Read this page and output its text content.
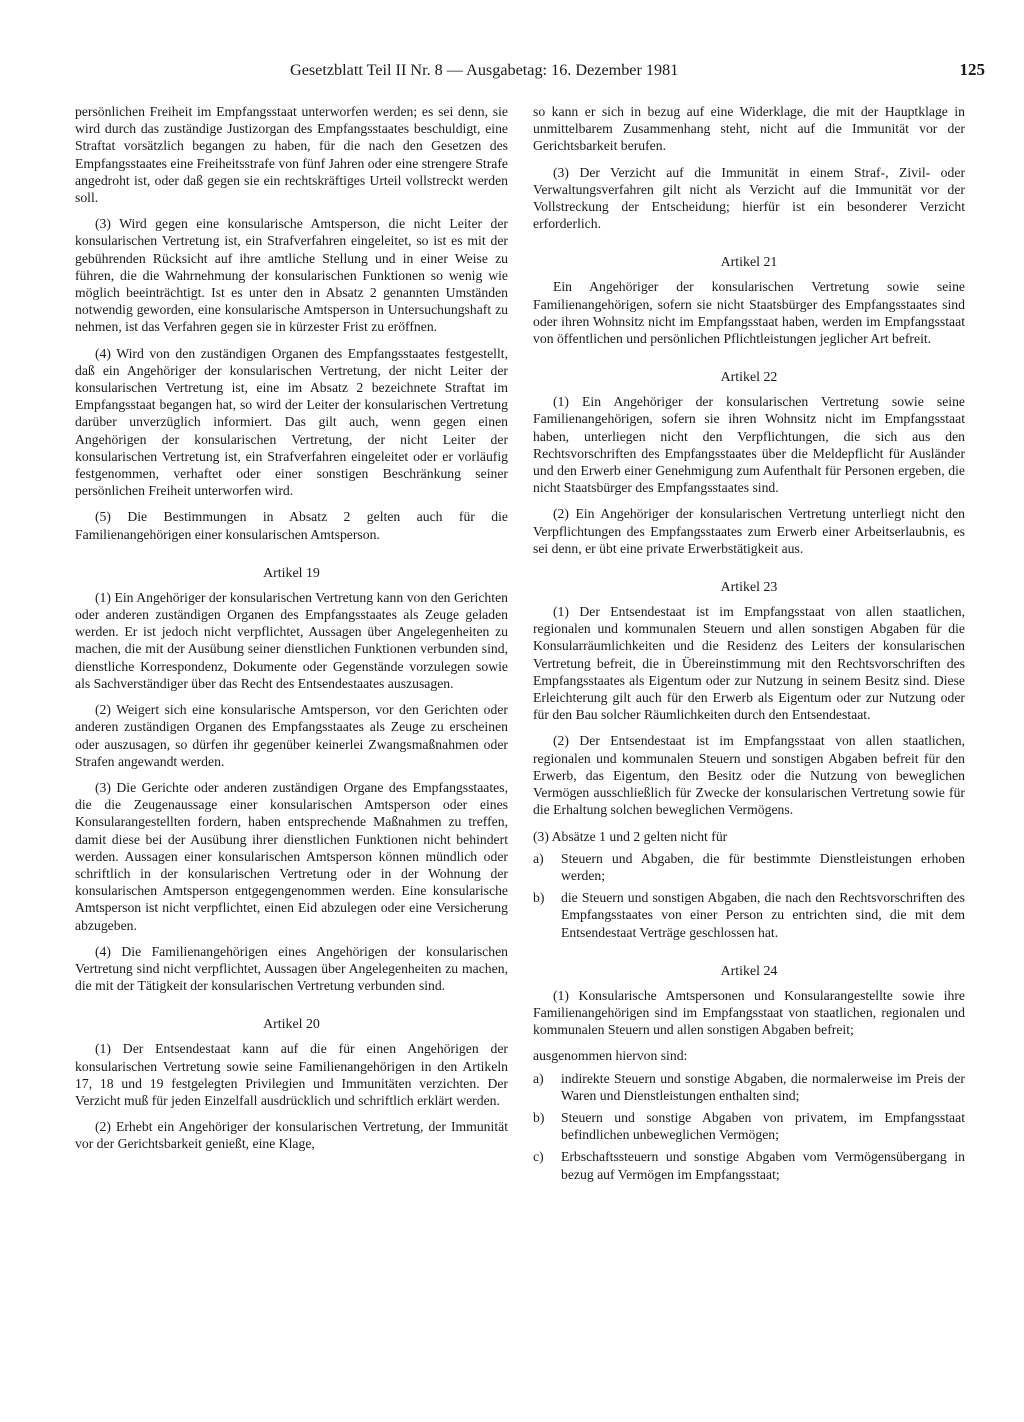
Gesetzblatt Teil II Nr. 8 — Ausgabetag: 16. Dezember 1981	125

persönlichen Freiheit im Empfangsstaat unterworfen werden; es sei denn, sie wird durch das zuständige Justizorgan des Empfangsstaates beschuldigt, eine Straftat vorsätzlich begangen zu haben, für die nach den Gesetzen des Empfangsstaates eine Freiheitsstrafe von fünf Jahren oder eine strengere Strafe angedroht ist, oder daß gegen sie ein rechtskräftiges Urteil vollstreckt werden soll.

(3) Wird gegen eine konsularische Amtsperson, die nicht Leiter der konsularischen Vertretung ist, ein Strafverfahren eingeleitet, so ist es mit der gebührenden Rücksicht auf ihre amtliche Stellung und in einer Weise zu führen, die die Wahrnehmung der konsularischen Funktionen so wenig wie möglich beeinträchtigt. Ist es unter den in Absatz 2 genannten Umständen notwendig geworden, eine konsularische Amtsperson in Untersuchungshaft zu nehmen, ist das Verfahren gegen sie in kürzester Frist zu eröffnen.

(4) Wird von den zuständigen Organen des Empfangsstaates festgestellt, daß ein Angehöriger der konsularischen Vertretung, der nicht Leiter der konsularischen Vertretung ist, eine im Absatz 2 bezeichnete Straftat im Empfangsstaat begangen hat, so wird der Leiter der konsularischen Vertretung darüber unverzüglich informiert. Das gilt auch, wenn gegen einen Angehörigen der konsularischen Vertretung, der nicht Leiter der konsularischen Vertretung ist, ein Strafverfahren eingeleitet oder er vorläufig festgenommen, verhaftet oder einer sonstigen Beschränkung seiner persönlichen Freiheit unterworfen wird.

(5) Die Bestimmungen in Absatz 2 gelten auch für die Familienangehörigen einer konsularischen Amtsperson.

Artikel 19

(1) Ein Angehöriger der konsularischen Vertretung kann von den Gerichten oder anderen zuständigen Organen des Empfangsstaates als Zeuge geladen werden. Er ist jedoch nicht verpflichtet, Aussagen über Angelegenheiten zu machen, die mit der Ausübung seiner dienstlichen Funktionen verbunden sind, dienstliche Korrespondenz, Dokumente oder Gegenstände vorzulegen sowie als Sachverständiger über das Recht des Entsendestaates auszusagen.

(2) Weigert sich eine konsularische Amtsperson, vor den Gerichten oder anderen zuständigen Organen des Empfangsstaates als Zeuge zu erscheinen oder auszusagen, so dürfen ihr gegenüber keinerlei Zwangsmaßnahmen oder Strafen angewandt werden.

(3) Die Gerichte oder anderen zuständigen Organe des Empfangsstaates, die die Zeugenaussage einer konsularischen Amtsperson oder eines Konsularangestellten fordern, haben entsprechende Maßnahmen zu treffen, damit diese bei der Ausübung ihrer dienstlichen Funktionen nicht behindert werden. Aussagen einer konsularischen Amtsperson können mündlich oder schriftlich in der konsularischen Vertretung oder in der Wohnung der konsularischen Amtsperson entgegengenommen werden. Eine konsularische Amtsperson ist nicht verpflichtet, einen Eid abzulegen oder eine Versicherung abzugeben.

(4) Die Familienangehörigen eines Angehörigen der konsularischen Vertretung sind nicht verpflichtet, Aussagen über Angelegenheiten zu machen, die mit der Tätigkeit der konsularischen Vertretung verbunden sind.

Artikel 20

(1) Der Entsendestaat kann auf die für einen Angehörigen der konsularischen Vertretung sowie seine Familienangehörigen in den Artikeln 17, 18 und 19 festgelegten Privilegien und Immunitäten verzichten. Der Verzicht muß für jeden Einzelfall ausdrücklich und schriftlich erklärt werden.

(2) Erhebt ein Angehöriger der konsularischen Vertretung, der Immunität vor der Gerichtsbarkeit genießt, eine Klage,

so kann er sich in bezug auf eine Widerklage, die mit der Hauptklage in unmittelbarem Zusammenhang steht, nicht auf die Immunität vor der Gerichtsbarkeit berufen.

(3) Der Verzicht auf die Immunität in einem Straf-, Zivil- oder Verwaltungsverfahren gilt nicht als Verzicht auf die Immunität vor der Vollstreckung der Entscheidung; hierfür ist ein besonderer Verzicht erforderlich.

Artikel 21

Ein Angehöriger der konsularischen Vertretung sowie seine Familienangehörigen, sofern sie nicht Staatsbürger des Empfangsstaates sind oder ihren Wohnsitz nicht im Empfangsstaat haben, werden im Empfangsstaat von öffentlichen und persönlichen Pflichtleistungen jeglicher Art befreit.

Artikel 22

(1) Ein Angehöriger der konsularischen Vertretung sowie seine Familienangehörigen, sofern sie ihren Wohnsitz nicht im Empfangsstaat haben, unterliegen nicht den Verpflichtungen, die sich aus den Rechtsvorschriften des Empfangsstaates über die Meldepflicht für Ausländer und den Erwerb einer Genehmigung zum Aufenthalt für Personen ergeben, die nicht Staatsbürger des Empfangsstaates sind.

(2) Ein Angehöriger der konsularischen Vertretung unterliegt nicht den Verpflichtungen des Empfangsstaates zum Erwerb einer Arbeitserlaubnis, es sei denn, er übt eine private Erwerbstätigkeit aus.

Artikel 23

(1) Der Entsendestaat ist im Empfangsstaat von allen staatlichen, regionalen und kommunalen Steuern und allen sonstigen Abgaben für die Konsularräumlichkeiten und die Residenz des Leiters der konsularischen Vertretung befreit, die in Übereinstimmung mit den Rechtsvorschriften des Empfangsstaates als Eigentum oder zur Nutzung in seinem Besitz sind. Diese Erleichterung gilt auch für den Erwerb als Eigentum oder zur Nutzung oder für den Bau solcher Räumlichkeiten durch den Entsendestaat.

(2) Der Entsendestaat ist im Empfangsstaat von allen staatlichen, regionalen und kommunalen Steuern und sonstigen Abgaben befreit für den Erwerb, das Eigentum, den Besitz oder die Nutzung von beweglichen Vermögen ausschließlich für Zwecke der konsularischen Vertretung sowie für die Erhaltung solchen beweglichen Vermögens.

(3) Absätze 1 und 2 gelten nicht für

a) Steuern und Abgaben, die für bestimmte Dienstleistungen erhoben werden;
b) die Steuern und sonstigen Abgaben, die nach den Rechtsvorschriften des Empfangsstaates von einer Person zu entrichten sind, die mit dem Entsendestaat Verträge geschlossen hat.
Artikel 24

(1) Konsularische Amtspersonen und Konsularangestellte sowie ihre Familienangehörigen sind im Empfangsstaat von staatlichen, regionalen und kommunalen Steuern und allen sonstigen Abgaben befreit;

ausgenommen hiervon sind:

a) indirekte Steuern und sonstige Abgaben, die normalerweise im Preis der Waren und Dienstleistungen enthalten sind;
b) Steuern und sonstige Abgaben von privatem, im Empfangsstaat befindlichen unbeweglichen Vermögen;
c) Erbschaftssteuern und sonstige Abgaben vom Vermögensübergang in bezug auf Vermögen im Empfangsstaat;
